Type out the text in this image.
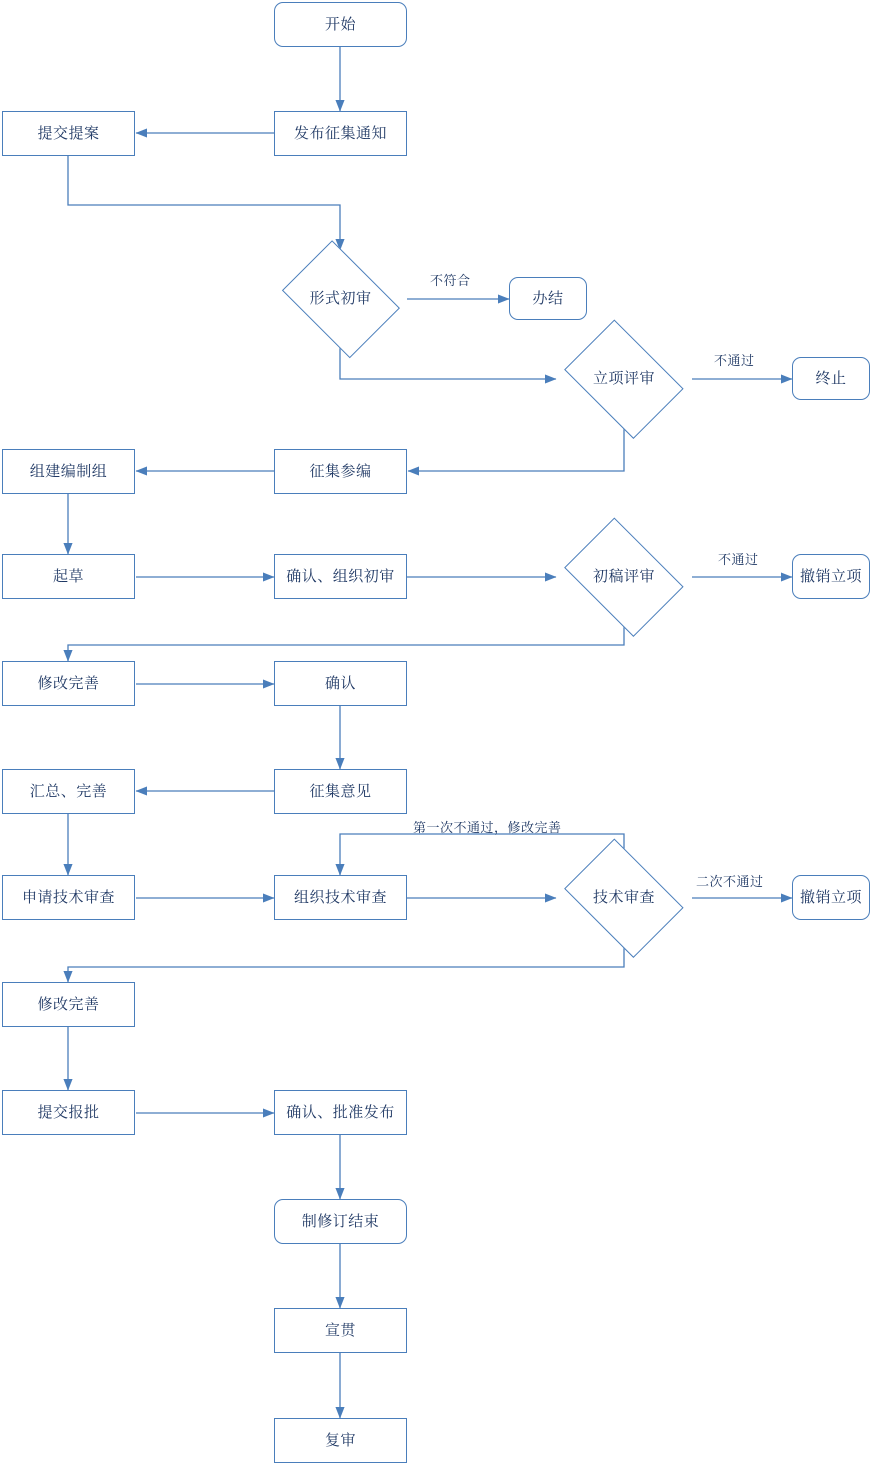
开始
发布征集通知
提交提案
形式初审	办结
立项评审	终止
征集参编
组建编制组
起草	确认、组织初审	初稿评审	撤销立项
修改完善	确认
征集意见
汇总、完善
申请技术审查	组织技术审查	技术审查	撤销立项
修改完善
提交报批	确认、批准发布
制修订结束
宣贯
复审
不符合
不通过
不通过
第一次不通过，修改完善
二次不通过
